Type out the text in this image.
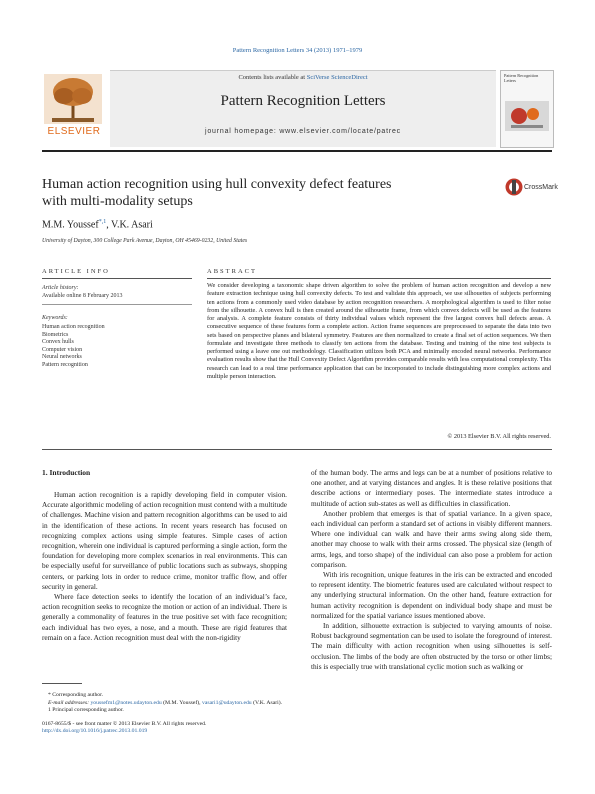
Pattern Recognition Letters 34 (2013) 1971–1979
ELSEVIER
Contents lists available at SciVerse ScienceDirect
Pattern Recognition Letters
journal homepage: www.elsevier.com/locate/patrec
Pattern Recognition Letters
Human action recognition using hull convexity defect features
with multi-modality setups
CrossMark
M.M. Youssef$^{*,1}$, V.K. Asari
University of Dayton, 300 College Park Avenue, Dayton, OH 45469-0232, United States
ARTICLE INFO
Article history:
Available online 8 February 2013
Keywords:
Human action recognition
Biometrics
Convex hulls
Computer vision
Neural networks
Pattern recognition
ABSTRACT
We consider developing a taxonomic shape driven algorithm to solve the problem of human action recognition and develop a new feature extraction technique using hull convexity defects. To test and validate this approach, we use silhouettes of subjects performing ten actions from a commonly used video database by action recognition researchers. A morphological algorithm is used to filter noise from the silhouette. A convex hull is then created around the silhouette frame, from which convex defects will be used as the features for analysis. A complete feature consists of thirty individual values which represent the five largest convex hull defects areas. A consecutive sequence of these features form a complete action. Action frame sequences are preprocessed to separate the data into two sets based on perspective planes and bilateral symmetry. Features are then normalized to create a final set of action sequences. We then formulate and investigate three methods to classify ten actions from the database. Testing and training of the nine test subjects is performed using a leave one out methodology. Classification utilizes both PCA and minimally encoded neural networks. Performance evaluation results show that the Hull Convexity Defect Algorithm provides comparable results with less computational complexity. This research can lead to a real time performance application that can be incorporated to include distinguishing more complex actions and multiple person interaction.
© 2013 Elsevier B.V. All rights reserved.
1. Introduction

Human action recognition is a rapidly developing field in computer vision. Accurate algorithmic modeling of action recognition must contend with a multitude of challenges. Machine vision and pattern recognition algorithms can be used to aid in the identification of these actions. In recent years research has focused on recognizing complex actions using simple features. Simple cases of action recognition, wherein one individual is captured performing a single action, form the foundation for developing more complex scenarios in real environments. This can be especially useful for surveillance of public locations such as subways, shopping centers, or parking lots in order to reduce crime, monitor traffic flow, and offer security in general.

Where face detection seeks to identify the location of an individual’s face, action recognition seeks to recognize the motion or action of an individual. There is generally a commonality of features in the true positive set with face recognition; each individual has two eyes, a nose, and a mouth. These are rigid features that remain on a face. Action recognition must deal with the non-rigidity

of the human body. The arms and legs can be at a number of positions relative to one another, and at varying distances and angles. It is these relative positions that describe actions or intermediary poses. The intermediate states introduce a multitude of action sub-states as well as difficulties in classification.

Another problem that emerges is that of spatial variance. In a given space, each individual can perform a standard set of actions in visibly different manners. Where one individual can walk and have their arms swing along side them, another may choose to walk with their arms crossed. The physical size (length of arms, legs, and torso shape) of the individual can also pose a problem for action comparison.

With iris recognition, unique features in the iris can be extracted and encoded to represent identity. The biometric features used are calculated without respect to any underlying structural information. On the other hand, feature extraction for human activity recognition is dependent on individual body shape and must be normalized for the spatial variance issues mentioned above.

In addition, silhouette extraction is subjected to varying amounts of noise. Robust background segmentation can be used to isolate the foreground of interest. The main difficulty with action recognition when using silhouettes is self-occlusion. The limbs of the body are often obstructed by the torso or other limbs; this is especially true with translational cyclic motion such as walking or

* Corresponding author.
E-mail addresses: youssefm1@notes.udayton.edu (M.M. Youssef), vasari1@udayton.edu (V.K. Asari).
1 Principal corresponding author.
0167-8655/$ - see front matter © 2013 Elsevier B.V. All rights reserved.
http://dx.doi.org/10.1016/j.patrec.2013.01.019
